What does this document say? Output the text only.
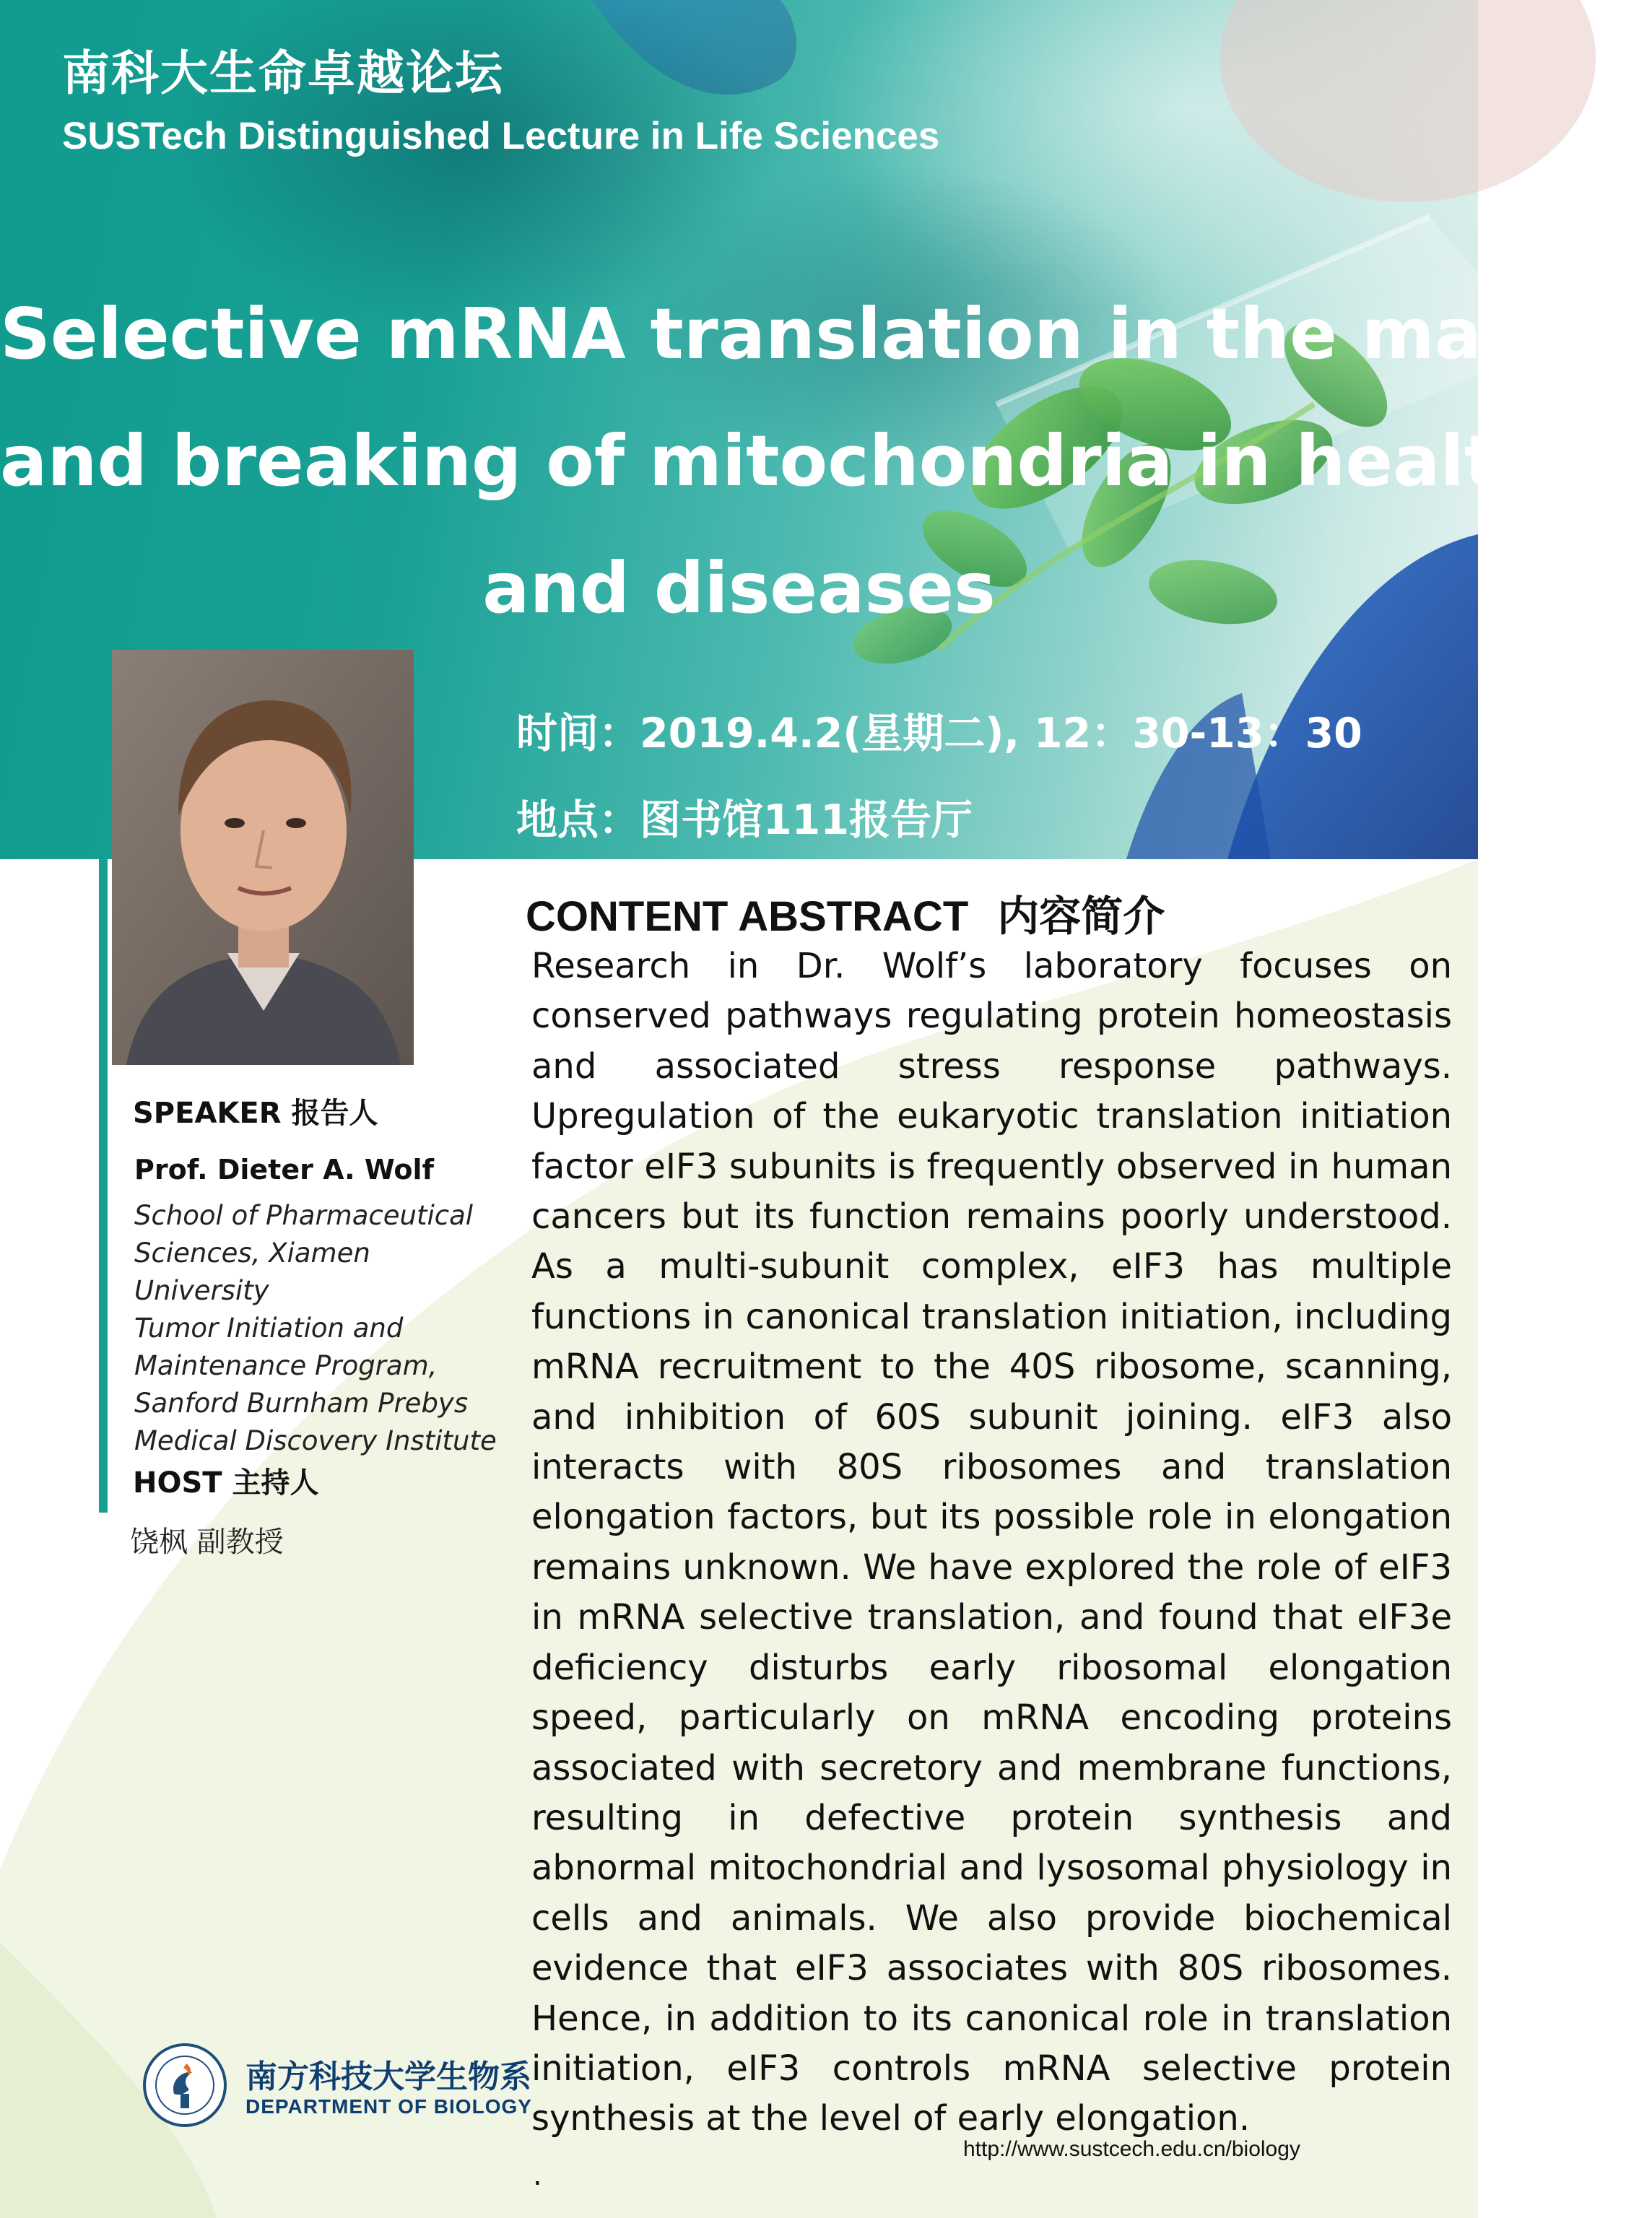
南科大生命卓越论坛
SUSTech Distinguished Lecture in Life Sciences
Selective mRNA translation in the making
and breaking of mitochondria in health
and diseases
时间：2019.4.2(星期二), 12：30-13：30
地点：图书馆111报告厅
SPEAKER 报告人
Prof. Dieter A. Wolf
School of Pharmaceutical
Sciences, Xiamen University
Tumor Initiation and
Maintenance Program,
Sanford Burnham Prebys
Medical Discovery Institute
HOST 主持人
饶枫 副教授
CONTENT ABSTRACT 内容简介
Research in Dr. Wolf’s laboratory focuses on conserved pathways regulating protein homeostasis and associated stress response pathways. Upregulation of the eukaryotic translation initiation factor eIF3 subunits is frequently observed in human cancers but its function remains poorly understood. As a multi-subunit complex, eIF3 has multiple functions in canonical translation initiation, including mRNA recruitment to the 40S ribosome, scanning, and inhibition of 60S subunit joining. eIF3 also interacts with 80S ribosomes and translation elongation factors, but its possible role in elongation remains unknown. We have explored the role of eIF3 in mRNA selective translation, and found that eIF3e deficiency disturbs early ribosomal elongation speed, particularly on mRNA encoding proteins associated with secretory and membrane functions, resulting in defective protein synthesis and abnormal mitochondrial and lysosomal physiology in cells and animals. We also provide biochemical evidence that eIF3 associates with 80S ribosomes. Hence, in addition to its canonical role in translation initiation, eIF3 controls mRNA selective protein synthesis at the level of early elongation.
南方科技大学生物系
DEPARTMENT OF BIOLOGY
http://www.sustcech.edu.cn/biology
.
